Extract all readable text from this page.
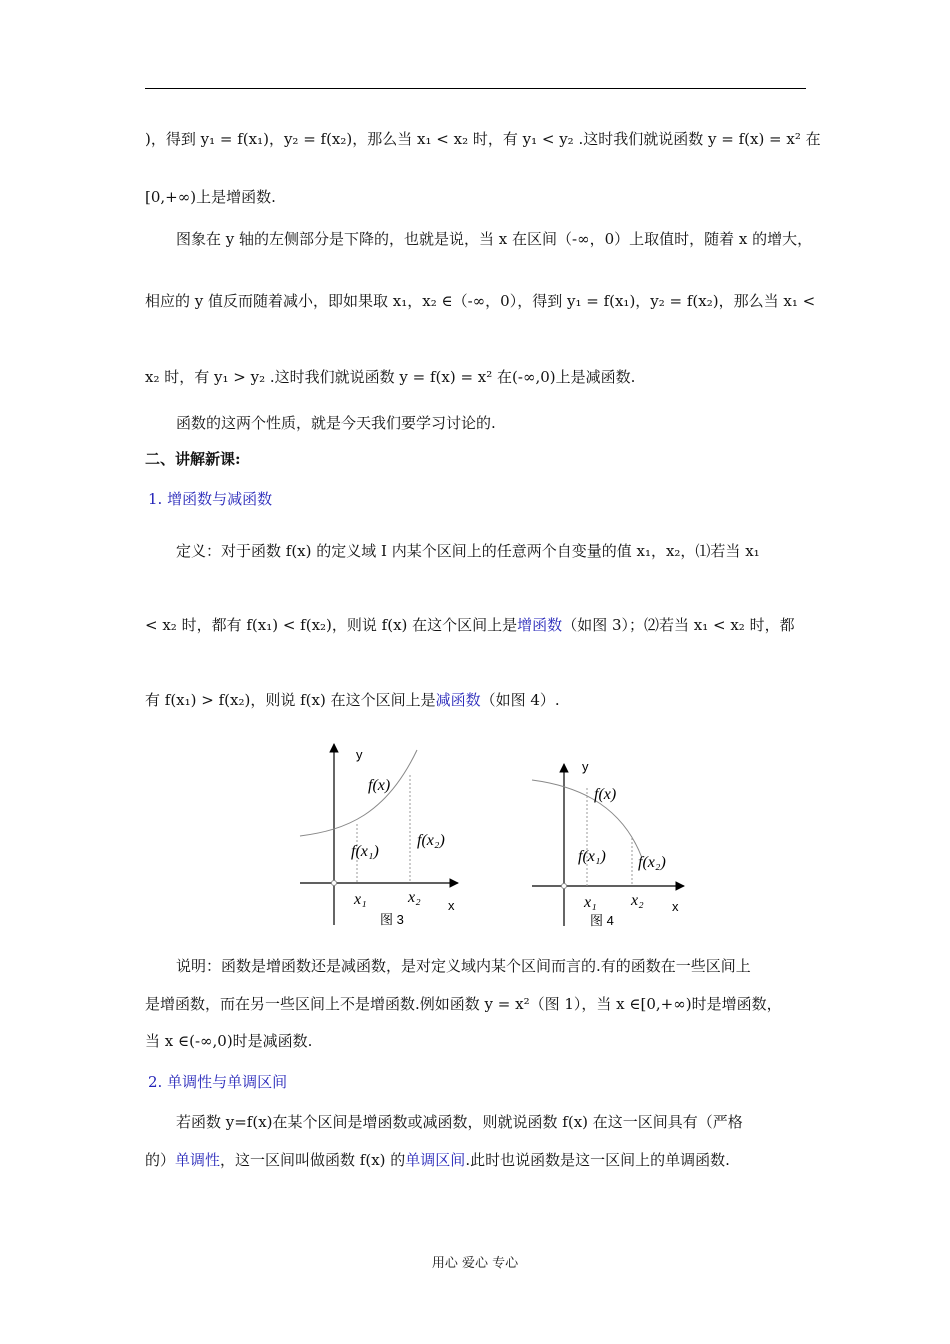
)，得到 y₁ = f(x₁)，y₂ = f(x₂)，那么当 x₁ < x₂ 时，有 y₁ < y₂ .这时我们就说函数 y = f(x) = x² 在
[0,+∞)上是增函数.
图象在 y 轴的左侧部分是下降的，也就是说，当 x 在区间（-∞，0）上取值时，随着 x 的增大，
相应的 y 值反而随着减小，即如果取 x₁，x₂ ∈（-∞，0），得到 y₁ = f(x₁)，y₂ = f(x₂)，那么当 x₁ <
x₂ 时，有 y₁ > y₂ .这时我们就说函数 y = f(x) = x² 在(-∞,0)上是减函数.
函数的这两个性质，就是今天我们要学习讨论的.
二、讲解新课:
1. 增函数与减函数
定义：对于函数 f(x) 的定义域 I 内某个区间上的任意两个自变量的值 x₁，x₂，⑴若当 x₁
< x₂ 时，都有 f(x₁) < f(x₂)，则说 f(x) 在这个区间上是增函数（如图 3）；⑵若当 x₁ < x₂ 时，都
有 f(x₁) > f(x₂)，则说 f(x) 在这个区间上是减函数（如图 4）.
y
x
f(x)
f(x₁)
f(x₂)
x₁	x₂
图 3
y
x
f(x)
f(x₁) f(x₂)
x₁ x₂
图 4
说明：函数是增函数还是减函数，是对定义域内某个区间而言的.有的函数在一些区间上
是增函数，而在另一些区间上不是增函数.例如函数 y = x²（图 1），当 x ∈[0,+∞)时是增函数，
当 x ∈(-∞,0)时是减函数.
2. 单调性与单调区间
若函数 y=f(x)在某个区间是增函数或减函数，则就说函数 f(x) 在这一区间具有（严格
的）单调性，这一区间叫做函数 f(x) 的单调区间.此时也说函数是这一区间上的单调函数.
用心 爱心 专心
